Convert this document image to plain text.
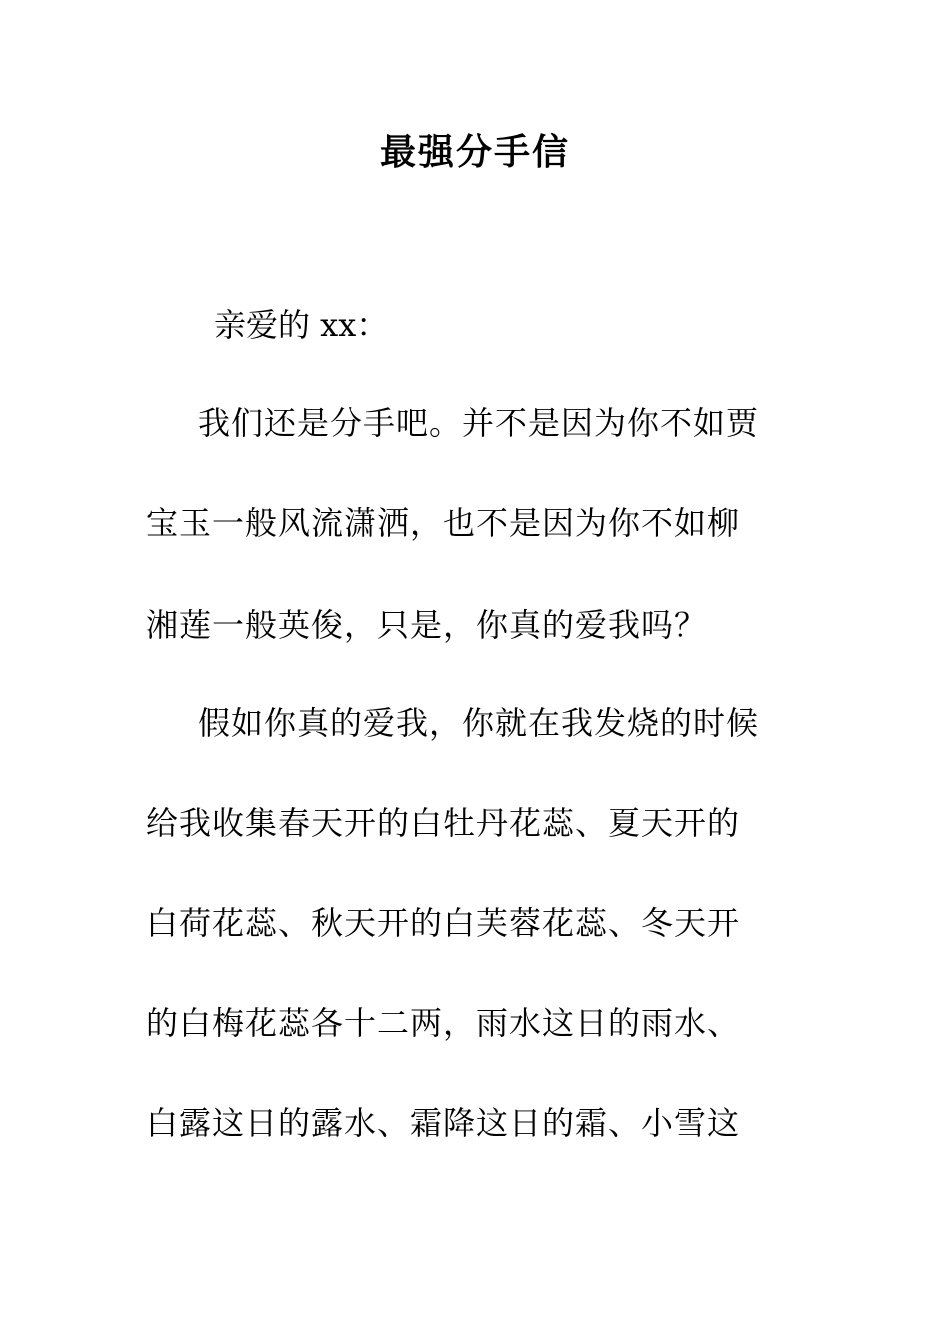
最强分手信
亲爱的 xx：
我们还是分手吧。并不是因为你不如贾
宝玉一般风流潇洒，也不是因为你不如柳
湘莲一般英俊，只是，你真的爱我吗？
假如你真的爱我，你就在我发烧的时候
给我收集春天开的白牡丹花蕊、夏天开的
白荷花蕊、秋天开的白芙蓉花蕊、冬天开
的白梅花蕊各十二两，雨水这日的雨水、
白露这日的露水、霜降这日的霜、小雪这
